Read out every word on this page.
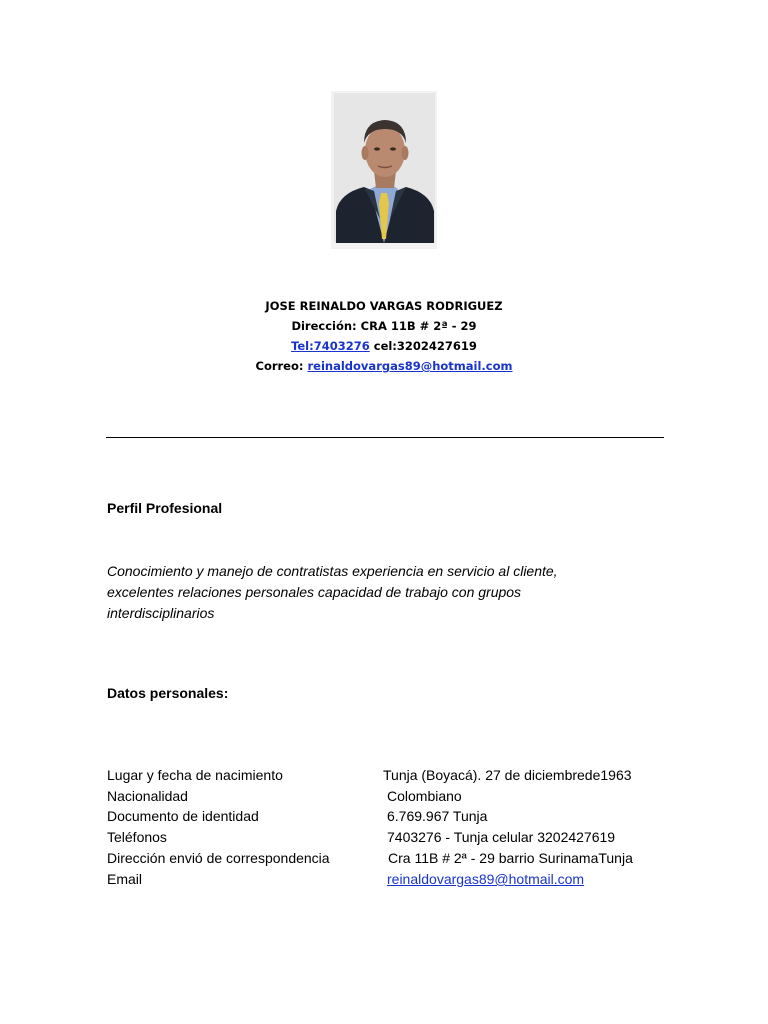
JOSE REINALDO VARGAS RODRIGUEZ
Dirección: CRA 11B # 2ª - 29
Tel:7403276 cel:3202427619
Correo: reinaldovargas89@hotmail.com
Perfil Profesional
Conocimiento y manejo de contratistas experiencia en servicio al cliente,
excelentes relaciones personales capacidad de trabajo con grupos
interdisciplinarios
Datos personales:
Lugar y fecha de nacimiento	Tunja (Boyacá). 27 de diciembrede1963
Nacionalidad	Colombiano
Documento de identidad	6.769.967 Tunja
Teléfonos	7403276 - Tunja celular 3202427619
Dirección envió de correspondencia	Cra 11B # 2ª - 29 barrio SurinamaTunja
Email	reinaldovargas89@hotmail.com
